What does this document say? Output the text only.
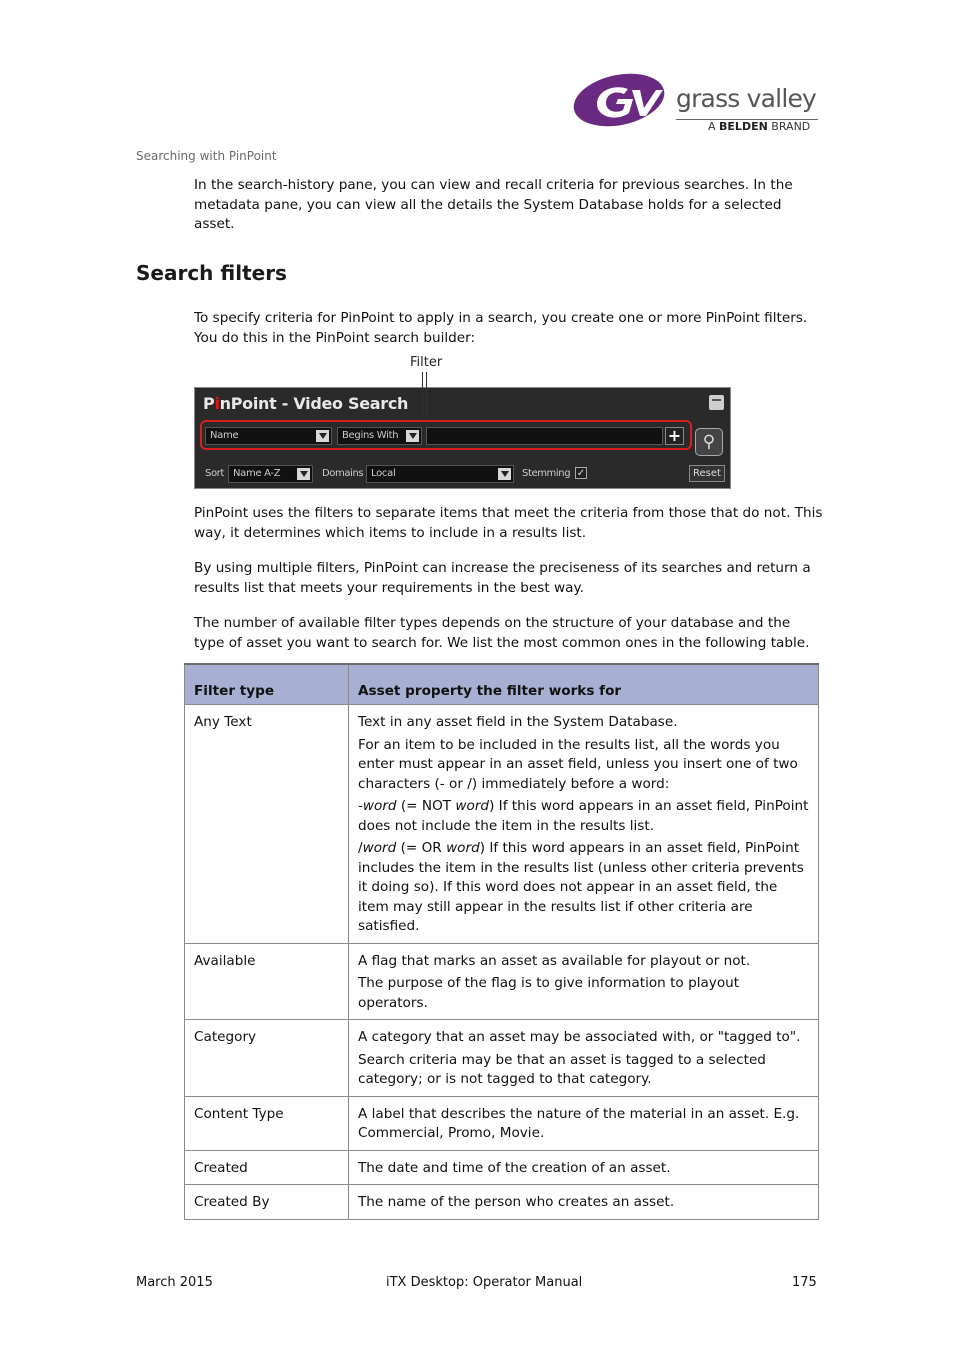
grass valley
A BELDEN BRAND
Searching with PinPoint
In the search-history pane, you can view and recall criteria for previous searches. In the metadata pane, you can view all the details the System Database holds for a selected asset.
Search filters
To specify criteria for PinPoint to apply in a search, you create one or more PinPoint filters. You do this in the PinPoint search builder:
Filter
PinPoint - Video Search
Name	Begins With	+	⚲
Sort Name A-Z	Domains Local	Stemming ✓	Reset
PinPoint uses the filters to separate items that meet the criteria from those that do not. This way, it determines which items to include in a results list.
By using multiple filters, PinPoint can increase the preciseness of its searches and return a results list that meets your requirements in the best way.
The number of available filter types depends on the structure of your database and the type of asset you want to search for. We list the most common ones in the following table.
Filter type	Asset property the filter works for
Any Text	Text in any asset field in the System Database.

For an item to be included in the results list, all the words you enter must appear in an asset field, unless you insert one of two characters (- or /) immediately before a word:

-word (= NOT word) If this word appears in an asset field, PinPoint does not include the item in the results list.

/word (= OR word) If this word appears in an asset field, PinPoint includes the item in the results list (unless other criteria prevents it doing so). If this word does not appear in an asset field, the item may still appear in the results list if other criteria are satisfied.

Available	A flag that marks an asset as available for playout or not.

The purpose of the flag is to give information to playout operators.

Category	A category that an asset may be associated with, or "tagged to".

Search criteria may be that an asset is tagged to a selected category; or is not tagged to that category.

Content Type	A label that describes the nature of the material in an asset. E.g. Commercial, Promo, Movie.

Created	The date and time of the creation of an asset.

Created By	The name of the person who creates an asset.

March 2015	iTX Desktop: Operator Manual	175
